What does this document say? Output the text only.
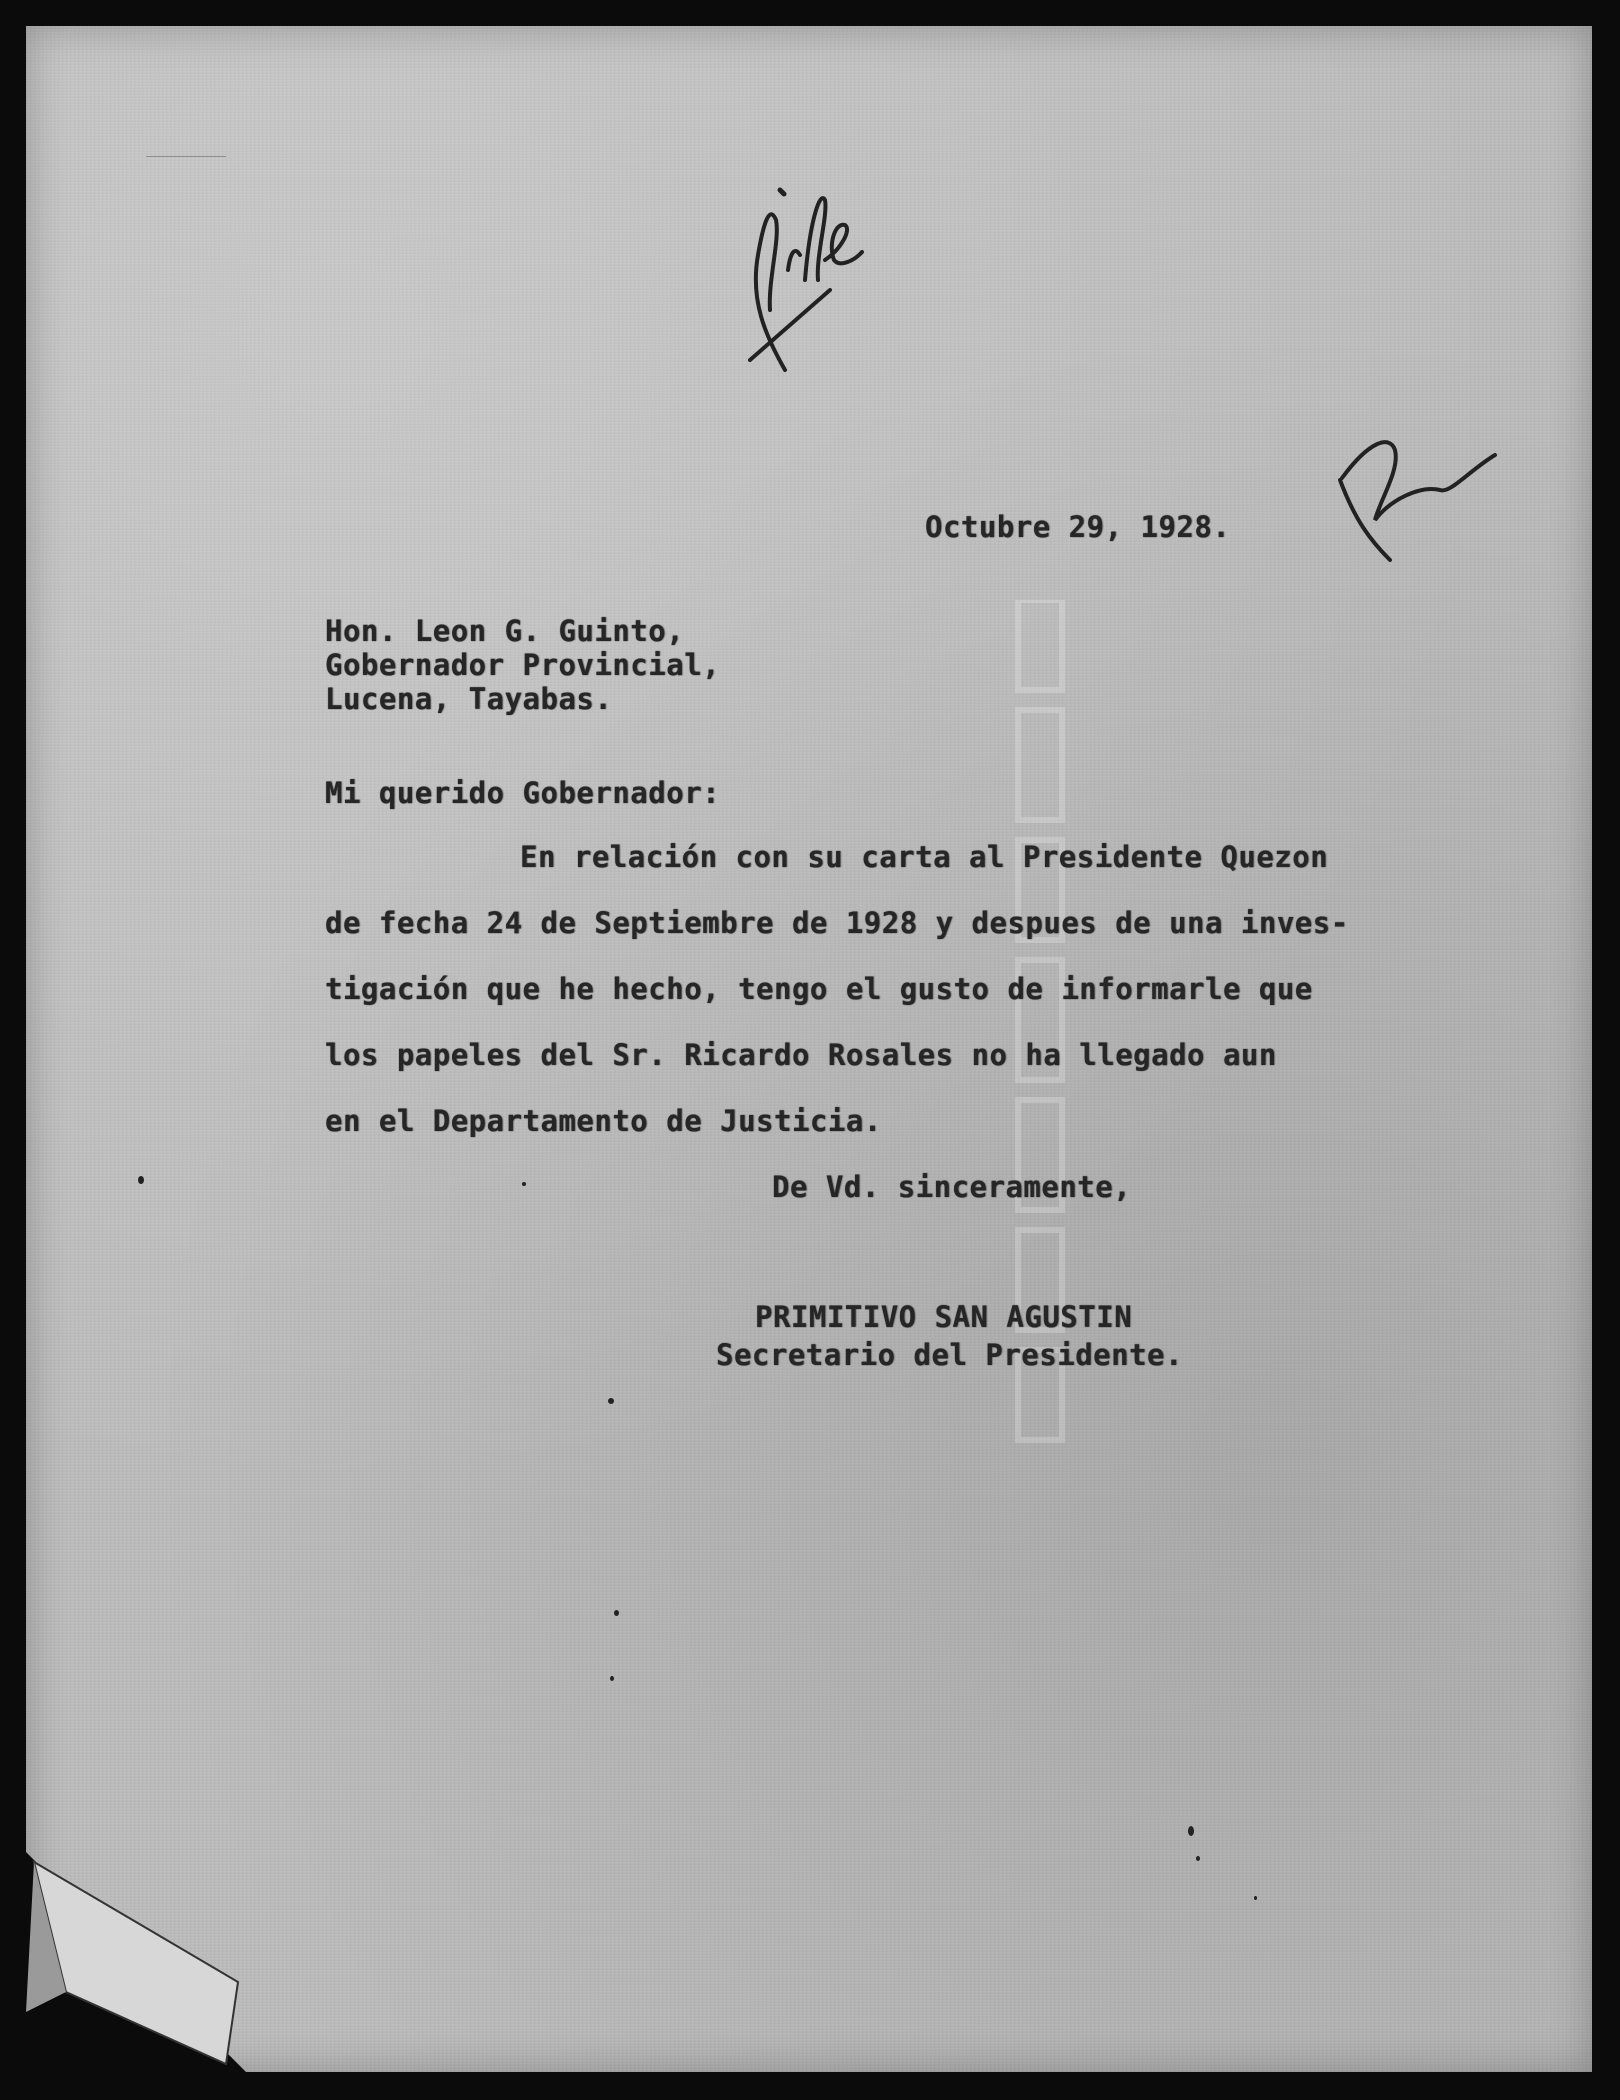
Octubre 29, 1928.
Hon. Leon G. Guinto,
Gobernador Provincial,
Lucena, Tayabas.
Mi querido Gobernador:
En relación con su carta al Presidente Quezon
de fecha 24 de Septiembre de 1928 y despues de una inves-
tigación que he hecho, tengo el gusto de informarle que
los papeles del Sr. Ricardo Rosales no ha llegado aun
en el Departamento de Justicia.
De Vd. sinceramente,
PRIMITIVO SAN AGUSTIN
Secretario del Presidente.
